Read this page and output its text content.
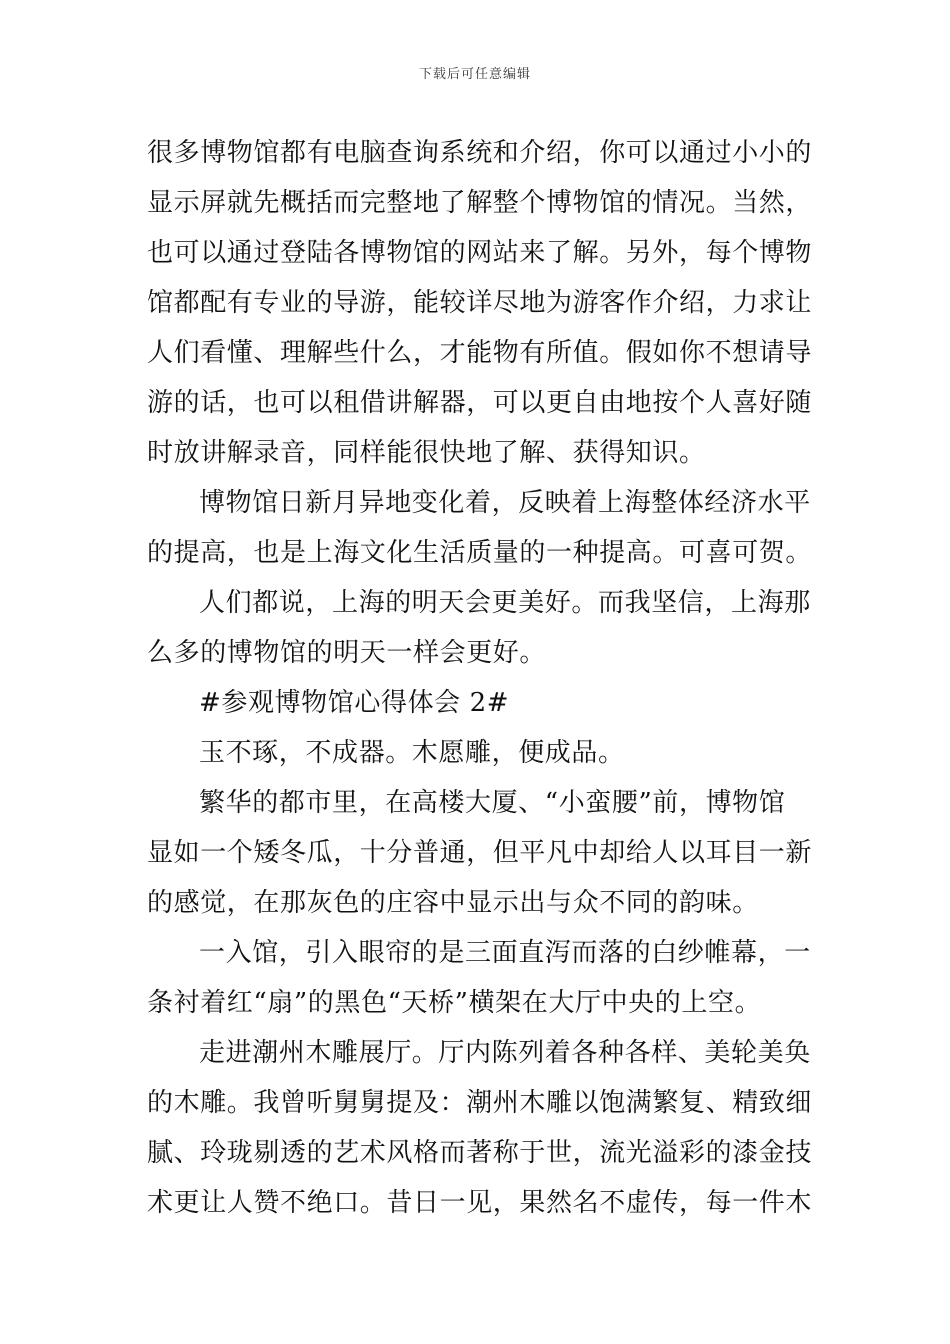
下载后可任意编辑
很多博物馆都有电脑查询系统和介绍，你可以通过小小的
显示屏就先概括而完整地了解整个博物馆的情况。当然，
也可以通过登陆各博物馆的网站来了解。另外，每个博物
馆都配有专业的导游，能较详尽地为游客作介绍，力求让
人们看懂、理解些什么，才能物有所值。假如你不想请导
游的话，也可以租借讲解器，可以更自由地按个人喜好随
时放讲解录音，同样能很快地了解、获得知识。
博物馆日新月异地变化着，反映着上海整体经济水平
的提高，也是上海文化生活质量的一种提高。可喜可贺。
人们都说，上海的明天会更美好。而我坚信，上海那
么多的博物馆的明天一样会更好。
#参观博物馆心得体会 2#
玉不琢，不成器。木愿雕，便成品。
繁华的都市里，在高楼大厦、“小蛮腰”前，博物馆
显如一个矮冬瓜，十分普通，但平凡中却给人以耳目一新
的感觉，在那灰色的庄容中显示出与众不同的韵味。
一入馆，引入眼帘的是三面直泻而落的白纱帷幕，一
条衬着红“扇”的黑色“天桥”横架在大厅中央的上空。
走进潮州木雕展厅。厅内陈列着各种各样、美轮美奂
的木雕。我曾听舅舅提及：潮州木雕以饱满繁复、精致细
腻、玲珑剔透的艺术风格而著称于世，流光溢彩的漆金技
术更让人赞不绝口。昔日一见，果然名不虚传，每一件木
